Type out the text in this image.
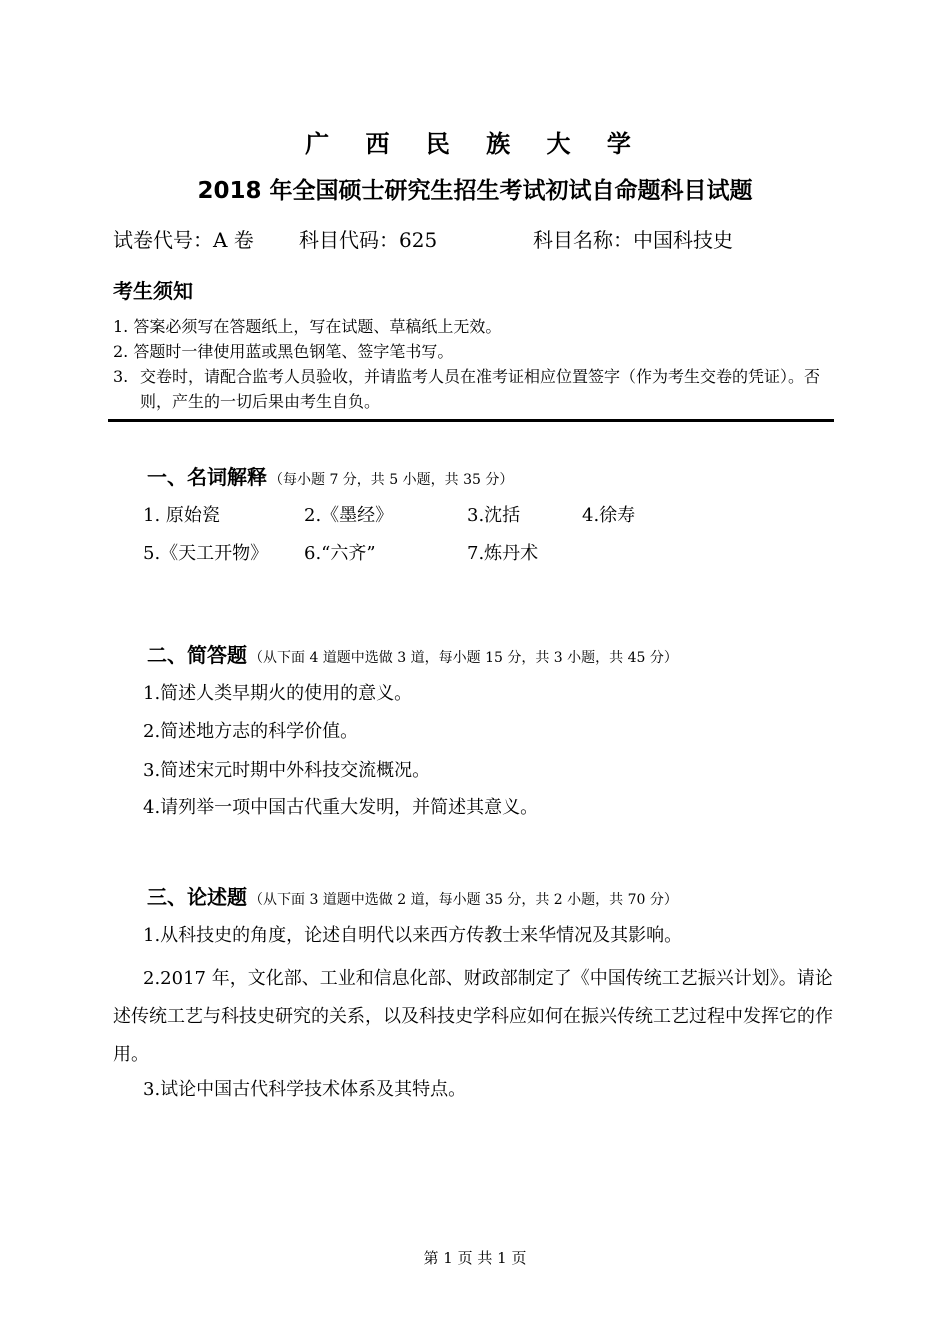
广 西 民 族 大 学
2018 年全国硕士研究生招生考试初试自命题科目试题
试卷代号：A 卷 科目代码：625	科目名称：中国科技史
考生须知
1. 答案必须写在答题纸上，写在试题、草稿纸上无效。
2. 答题时一律使用蓝或黑色钢笔、签字笔书写。
3. 交卷时，请配合监考人员验收，并请监考人员在准考证相应位置签字（作为考生交卷的凭证）。否则，产生的一切后果由考生自负。
一、名词解释 （每小题 7 分，共 5 小题，共 35 分）
1. 原始瓷	2.《墨经》	3.沈括	4.徐寿
5.《天工开物》 6.“六齐”	7.炼丹术
二、简答题 （从下面 4 道题中选做 3 道，每小题 15 分，共 3 小题，共 45 分）
1.简述人类早期火的使用的意义。
2.简述地方志的科学价值。
3.简述宋元时期中外科技交流概况。
4.请列举一项中国古代重大发明，并简述其意义。
三、论述题 （从下面 3 道题中选做 2 道，每小题 35 分，共 2 小题，共 70 分）
1.从科技史的角度，论述自明代以来西方传教士来华情况及其影响。
2.2017 年，文化部、工业和信息化部、财政部制定了《中国传统工艺振兴计划》。请论述传统工艺与科技史研究的关系，以及科技史学科应如何在振兴传统工艺过程中发挥它的作用。
3.试论中国古代科学技术体系及其特点。
第 1 页 共 1 页
